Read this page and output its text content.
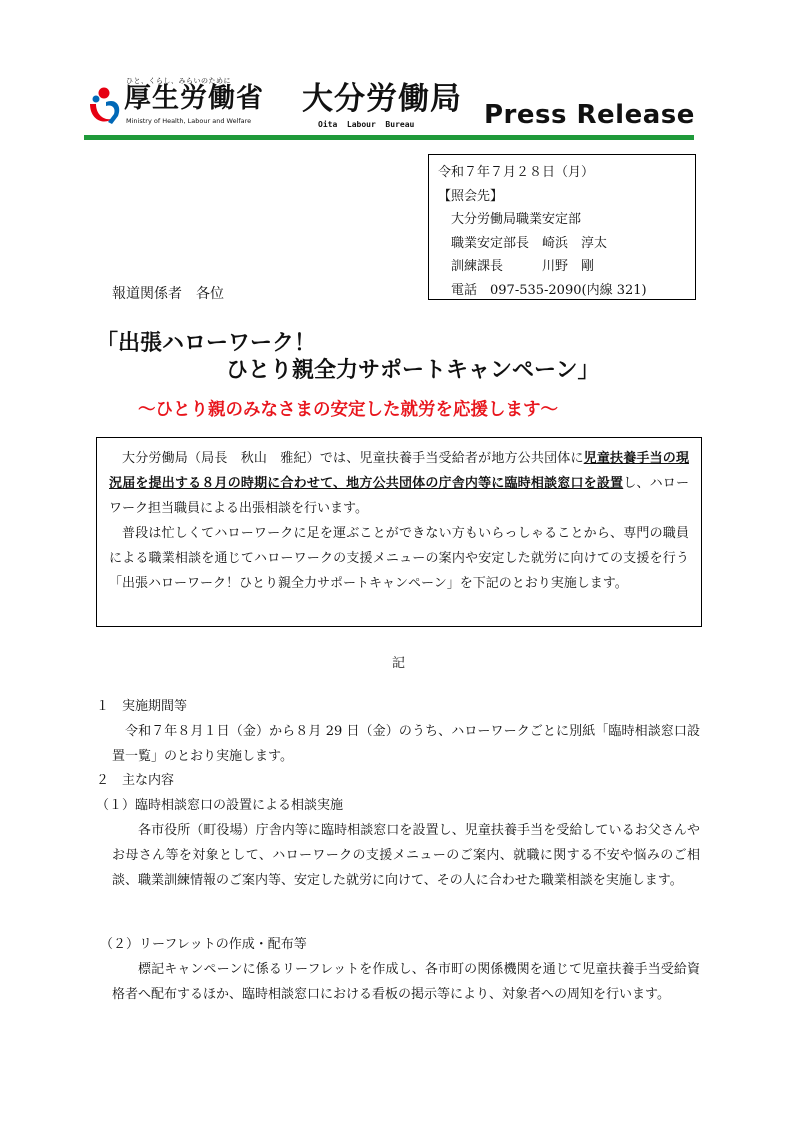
ひと、くらし、みらいのために
厚生労働省
Ministry of Health, Labour and Welfare
大分労働局
Oita  Labour  Bureau	Press Release
令和７年７月２８日（月）
【照会先】
　大分労働局職業安定部
　職業安定部長　崎浜　淳太
　訓練課長　　　川野　剛
　電話　097-535-2090(内線 321)
報道関係者　各位
「出張ハローワーク！
ひとり親全力サポートキャンペーン」
～ひとり親のみなさまの安定した就労を応援します～

大分労働局（局長　秋山　雅紀）では、児童扶養手当受給者が地方公共団体に児童扶養手当の現況届を提出する８月の時期に合わせて、地方公共団体の庁舎内等に臨時相談窓口を設置し、ハローワーク担当職員による出張相談を行います。

普段は忙しくてハローワークに足を運ぶことができない方もいらっしゃることから、専門の職員による職業相談を通じてハローワークの支援メニューの案内や安定した就労に向けての支援を行う「出張ハローワーク！ひとり親全力サポートキャンペーン」を下記のとおり実施します。

記
１　実施期間等

令和７年８月１日（金）から８月 29 日（金）のうち、ハローワークごとに別紙「臨時相談窓口設置一覧」のとおり実施します。

２　主な内容
（１）臨時相談窓口の設置による相談実施

各市役所（町役場）庁舎内等に臨時相談窓口を設置し、児童扶養手当を受給しているお父さんやお母さん等を対象として、ハローワークの支援メニューのご案内、就職に関する不安や悩みのご相談、職業訓練情報のご案内等、安定した就労に向けて、その人に合わせた職業相談を実施します。

（２）リーフレットの作成・配布等

標記キャンペーンに係るリーフレットを作成し、各市町の関係機関を通じて児童扶養手当受給資格者へ配布するほか、臨時相談窓口における看板の掲示等により、対象者への周知を行います。
